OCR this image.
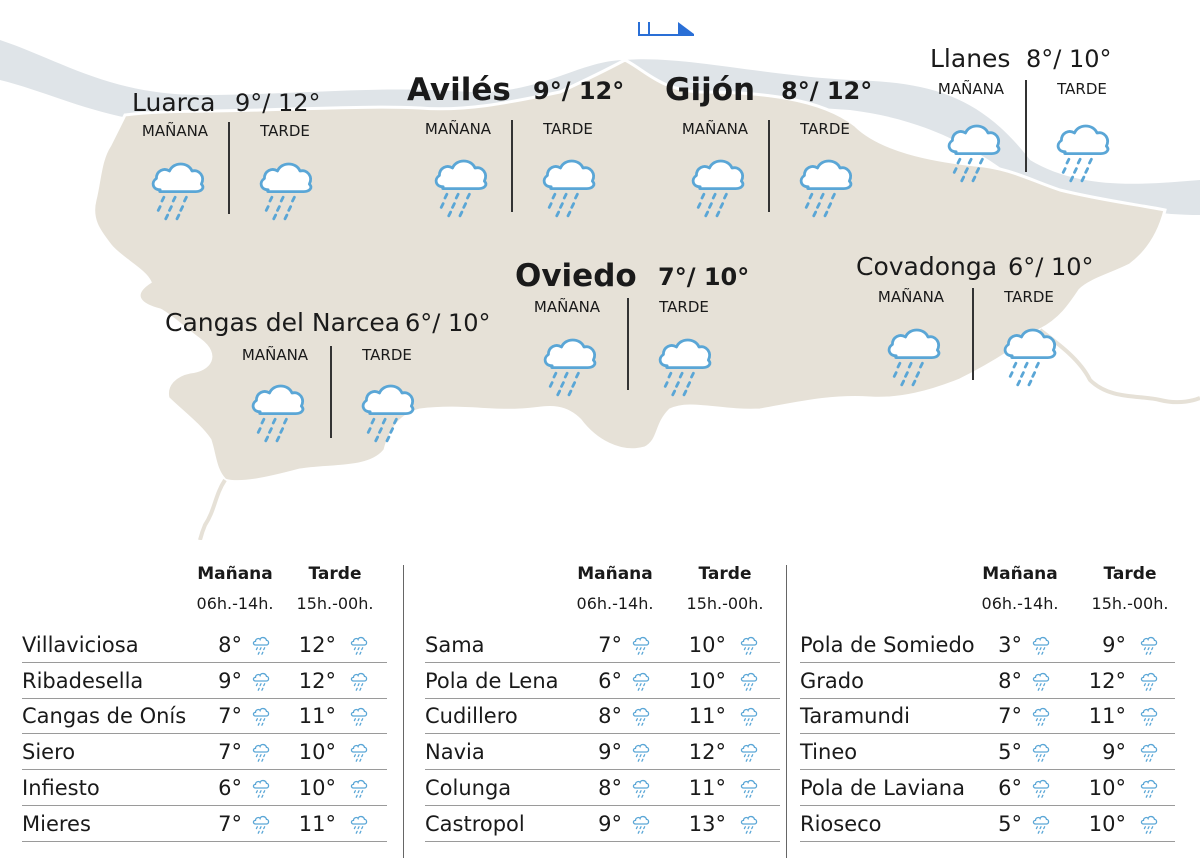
Luarca 9°/ 12°
MAÑANA	TARDE
Avilés 9°/ 12°
MAÑANA	TARDE
Gijón 8°/ 12°
MAÑANA	TARDE
Llanes 8°/ 10°
MAÑANA	TARDE
Oviedo 7°/ 10°
MAÑANA	TARDE
Covadonga 6°/ 10°
MAÑANA	TARDE
Cangas del Narcea 6°/ 10°
MAÑANA	TARDE
Mañana	Tarde
06h.-14h.	15h.-00h.
Villaviciosa	8°	12°
Ribadesella	9°	12°
Cangas de Onís	7°	11°
Siero	7°	10°
Infiesto	6°	10°
Mieres	7°	11°
Mañana	Tarde
06h.-14h.	15h.-00h.
Sama	7°	10°
Pola de Lena	6°	10°
Cudillero	8°	11°
Navia	9°	12°
Colunga	8°	11°
Castropol	9°	13°
Mañana	Tarde
06h.-14h.	15h.-00h.
Pola de Somiedo	3°	9°
Grado	8°	12°
Taramundi	7°	11°
Tineo	5°	9°
Pola de Laviana	6°	10°
Rioseco	5°	10°
